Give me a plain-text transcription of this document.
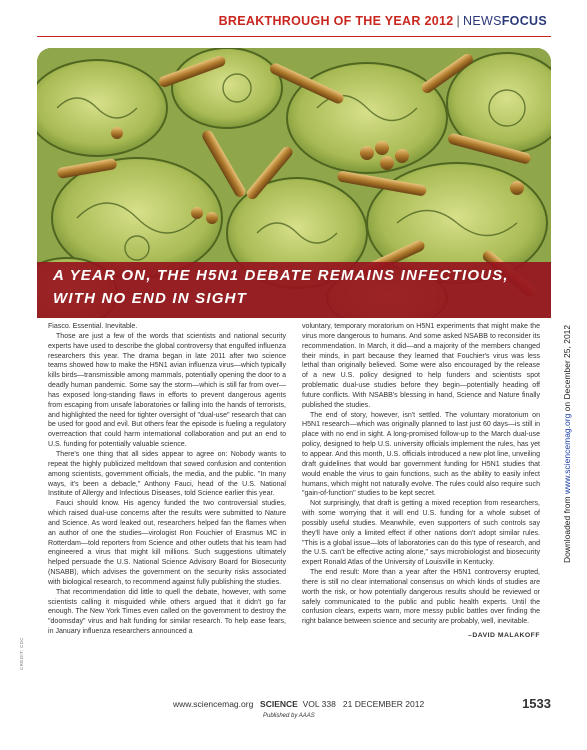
BREAKTHROUGH OF THE YEAR 2012 | NEWSFOCUS
A YEAR ON, THE H5N1 DEBATE REMAINS INFECTIOUS,
WITH NO END IN SIGHT
CREDIT: CDC

Fiasco. Essential. Inevitable.

Those are just a few of the words that scientists and national security experts have used to describe the global controversy that engulfed influenza researchers this year. The drama began in late 2011 after two science teams showed how to make the H5N1 avian influenza virus—which typically kills birds—transmissible among mammals, potentially opening the door to a deadly human pandemic. Some say the storm—which is still far from over—has exposed long-standing flaws in efforts to prevent dangerous agents from escaping from unsafe laboratories or falling into the hands of terrorists, and highlighted the need for tighter oversight of "dual-use" research that can be used for good and evil. But others fear the episode is fueling a regulatory overreaction that could harm international collaboration and put an end to U.S. funding for potentially valuable science.

There's one thing that all sides appear to agree on: Nobody wants to repeat the highly publicized meltdown that sowed confusion and contention among scientists, government officials, the media, and the public. "In many ways, it's been a debacle," Anthony Fauci, head of the U.S. National Institute of Allergy and Infectious Diseases, told Science earlier this year.

Fauci should know. His agency funded the two controversial studies, which raised dual-use concerns after the results were submitted to Nature and Science. As word leaked out, researchers helped fan the flames when an author of one the studies—virologist Ron Fouchier of Erasmus MC in Rotterdam—told reporters from Science and other outlets that his team had engineered a virus that might kill millions. Such suggestions ultimately helped persuade the U.S. National Science Advisory Board for Biosecurity (NSABB), which advises the government on the security risks associated with biological research, to recommend against fully publishing the studies.

That recommendation did little to quell the debate, however, with some scientists calling it misguided while others argued that it didn't go far enough. The New York Times even called on the government to destroy the "doomsday" virus and halt funding for similar research. To help ease fears, in January influenza researchers announced a

voluntary, temporary moratorium on H5N1 experiments that might make the virus more dangerous to humans. And some asked NSABB to reconsider its recommendation. In March, it did—and a majority of the members changed their minds, in part because they learned that Fouchier's virus was less lethal than originally believed. Some were also encouraged by the release of a new U.S. policy designed to help funders and scientists spot problematic dual-use studies before they begin—potentially heading off future conflicts. With NSABB's blessing in hand, Science and Nature finally published the studies.

The end of story, however, isn't settled. The voluntary moratorium on H5N1 research—which was originally planned to last just 60 days—is still in place with no end in sight. A long-promised follow-up to the March dual-use policy, designed to help U.S. university officials implement the rules, has yet to appear. And this month, U.S. officials introduced a new plot line, unveiling draft guidelines that would bar government funding for H5N1 studies that would enable the virus to gain functions, such as the ability to easily infect humans, which might not naturally evolve. The rules could also require such "gain-of-function" studies to be kept secret.

Not surprisingly, that draft is getting a mixed reception from researchers, with some worrying that it will end U.S. funding for a whole subset of possibly useful studies. Meanwhile, even supporters of such controls say they'll have only a limited effect if other nations don't adopt similar rules. "This is a global issue—lots of laboratories can do this type of research, and the U.S. can't be effective acting alone," says microbiologist and biosecurity expert Ronald Atlas of the University of Louisville in Kentucky.

The end result: More than a year after the H5N1 controversy erupted, there is still no clear international consensus on which kinds of studies are worth the risk, or how potentially dangerous results should be reviewed or safely communicated to the public and public health experts. Until the confusion clears, experts warn, more messy public battles over finding the right balance between science and security are probably, well, inevitable.

–DAVID MALAKOFF
Downloaded from www.sciencemag.org on December 25, 2012
www.sciencemag.org SCIENCE VOL 338 21 DECEMBER 2012
Published by AAAS
1533
